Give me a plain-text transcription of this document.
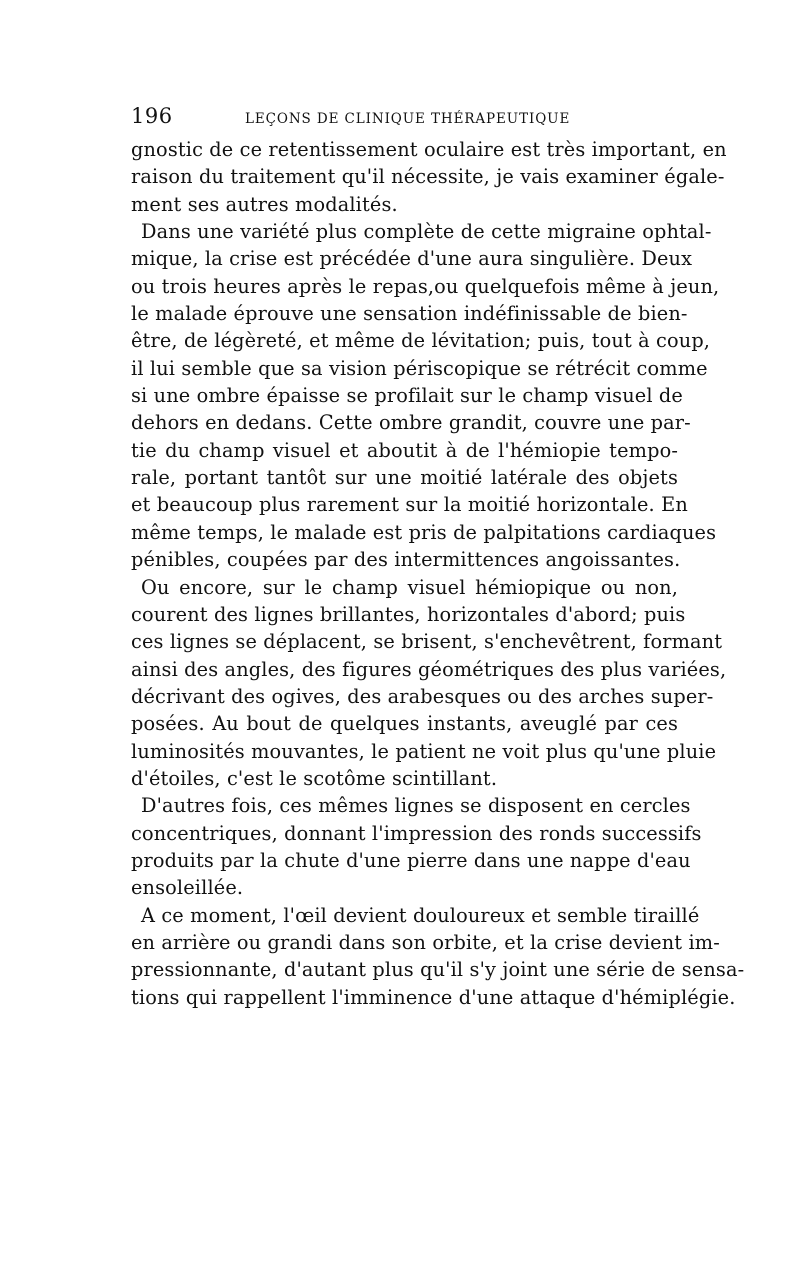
196	LEÇONS DE CLINIQUE THÉRAPEUTIQUE
gnostic de ce retentissement oculaire est très important, en
raison du traitement qu'il nécessite, je vais examiner égale-
ment ses autres modalités.
Dans une variété plus complète de cette migraine ophtal-
mique, la crise est précédée d'une aura singulière. Deux
ou trois heures après le repas,ou quelquefois même à jeun,
le malade éprouve une sensation indéfinissable de bien-
être, de légèreté, et même de lévitation; puis, tout à coup,
il lui semble que sa vision périscopique se rétrécit comme
si une ombre épaisse se profilait sur le champ visuel de
dehors en dedans. Cette ombre grandit, couvre une par-
tie du champ visuel et aboutit à de l'hémiopie tempo-
rale, portant tantôt sur une moitié latérale des objets
et beaucoup plus rarement sur la moitié horizontale. En
même temps, le malade est pris de palpitations cardiaques
pénibles, coupées par des intermittences angoissantes.
Ou encore, sur le champ visuel hémiopique ou non,
courent des lignes brillantes, horizontales d'abord; puis
ces lignes se déplacent, se brisent, s'enchevêtrent, formant
ainsi des angles, des figures géométriques des plus variées,
décrivant des ogives, des arabesques ou des arches super-
posées. Au bout de quelques instants, aveuglé par ces
luminosités mouvantes, le patient ne voit plus qu'une pluie
d'étoiles, c'est le scotôme scintillant.
D'autres fois, ces mêmes lignes se disposent en cercles
concentriques, donnant l'impression des ronds successifs
produits par la chute d'une pierre dans une nappe d'eau
ensoleillée.
A ce moment, l'œil devient douloureux et semble tiraillé
en arrière ou grandi dans son orbite, et la crise devient im-
pressionnante, d'autant plus qu'il s'y joint une série de sensa-
tions qui rappellent l'imminence d'une attaque d'hémiplégie.
